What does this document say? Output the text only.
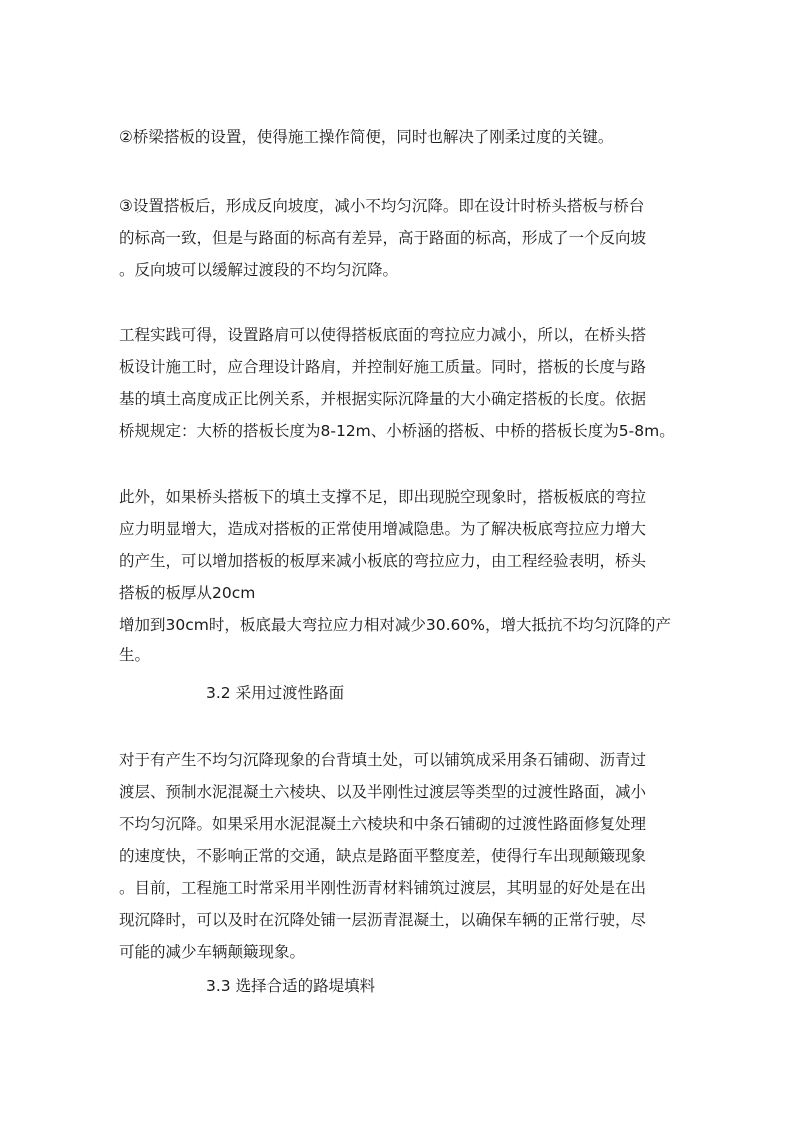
②桥梁搭板的设置，使得施工操作简便，同时也解决了刚柔过度的关键。
③设置搭板后，形成反向坡度，减小不均匀沉降。即在设计时桥头搭板与桥台
的标高一致，但是与路面的标高有差异，高于路面的标高，形成了一个反向坡
。反向坡可以缓解过渡段的不均匀沉降。
工程实践可得，设置路肩可以使得搭板底面的弯拉应力减小，所以，在桥头搭
板设计施工时，应合理设计路肩，并控制好施工质量。同时，搭板的长度与路
基的填土高度成正比例关系，并根据实际沉降量的大小确定搭板的长度。依据
桥规规定：大桥的搭板长度为8-12m、小桥涵的搭板、中桥的搭板长度为5-8m。
此外，如果桥头搭板下的填土支撑不足，即出现脱空现象时，搭板板底的弯拉
应力明显增大，造成对搭板的正常使用增减隐患。为了解决板底弯拉应力增大
的产生，可以增加搭板的板厚来减小板底的弯拉应力，由工程经验表明，桥头
搭板的板厚从20cm
增加到30cm时，板底最大弯拉应力相对减少30.60%，增大抵抗不均匀沉降的产
生。
3.2 采用过渡性路面
对于有产生不均匀沉降现象的台背填土处，可以铺筑成采用条石铺砌、沥青过
渡层、预制水泥混凝土六棱块、以及半刚性过渡层等类型的过渡性路面，减小
不均匀沉降。如果采用水泥混凝土六棱块和中条石铺砌的过渡性路面修复处理
的速度快，不影响正常的交通，缺点是路面平整度差，使得行车出现颠簸现象
。目前，工程施工时常采用半刚性沥青材料铺筑过渡层，其明显的好处是在出
现沉降时，可以及时在沉降处铺一层沥青混凝土，以确保车辆的正常行驶，尽
可能的减少车辆颠簸现象。
3.3 选择合适的路堤填料
